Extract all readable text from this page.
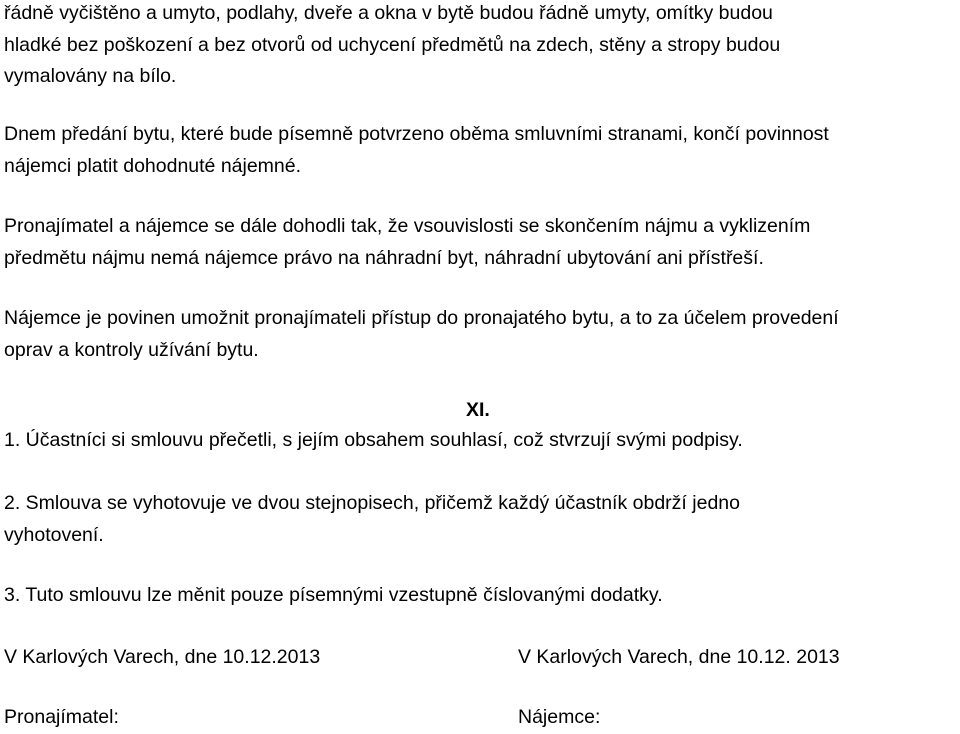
řádně vyčištěno a umyto, podlahy, dveře a okna v bytě budou řádně umyty, omítky budou
hladké bez poškození a bez otvorů od uchycení předmětů na zdech, stěny a stropy budou
vymalovány na bílo.

Dnem předání bytu, které bude písemně potvrzeno oběma smluvními stranami, končí povinnost
nájemci platit dohodnuté nájemné.

Pronajímatel a nájemce se dále dohodli tak, že vsouvislosti se skončením nájmu a vyklizením
předmětu nájmu nemá nájemce právo na náhradní byt, náhradní ubytování ani přístřeší.

Nájemce je povinen umožnit pronajímateli přístup do pronajatého bytu, a to za účelem provedení
oprav a kontroly užívání bytu.

XI.

1. Účastníci si smlouvu přečetli, s jejím obsahem souhlasí, což stvrzují svými podpisy.

2. Smlouva se vyhotovuje ve dvou stejnopisech, přičemž každý účastník obdrží jedno
vyhotovení.

3. Tuto smlouvu lze měnit pouze písemnými vzestupně číslovanými dodatky.

V Karlových Varech, dne 10.12.2013	V Karlových Varech, dne 10.12. 2013

Pronajímatel:	Nájemce:
